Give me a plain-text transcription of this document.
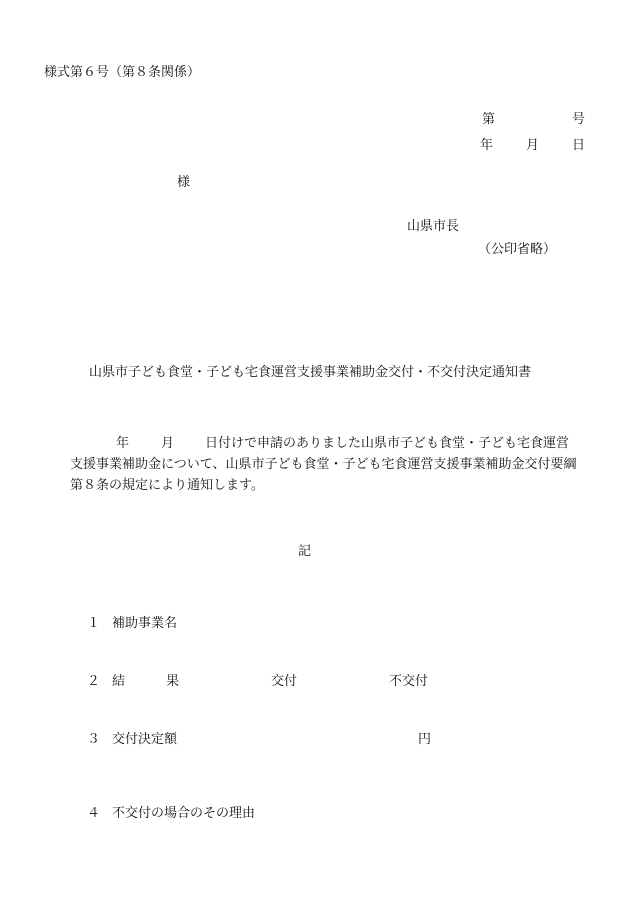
様式第６号（第８条関係）
第	号
年	月	日
様
山県市長
（公印省略）
山県市子ども食堂・子ども宅食運営支援事業補助金交付・不交付決定通知書
年 月 日付けで申請のありました山県市子ども食堂・子ども宅食運営
支援事業補助金について、山県市子ども食堂・子ども宅食運営支援事業補助金交付要綱
第８条の規定により通知します。
記
１ 補助事業名
２ 結	果	交付	不交付
３ 交付決定額	円
４ 不交付の場合のその理由
